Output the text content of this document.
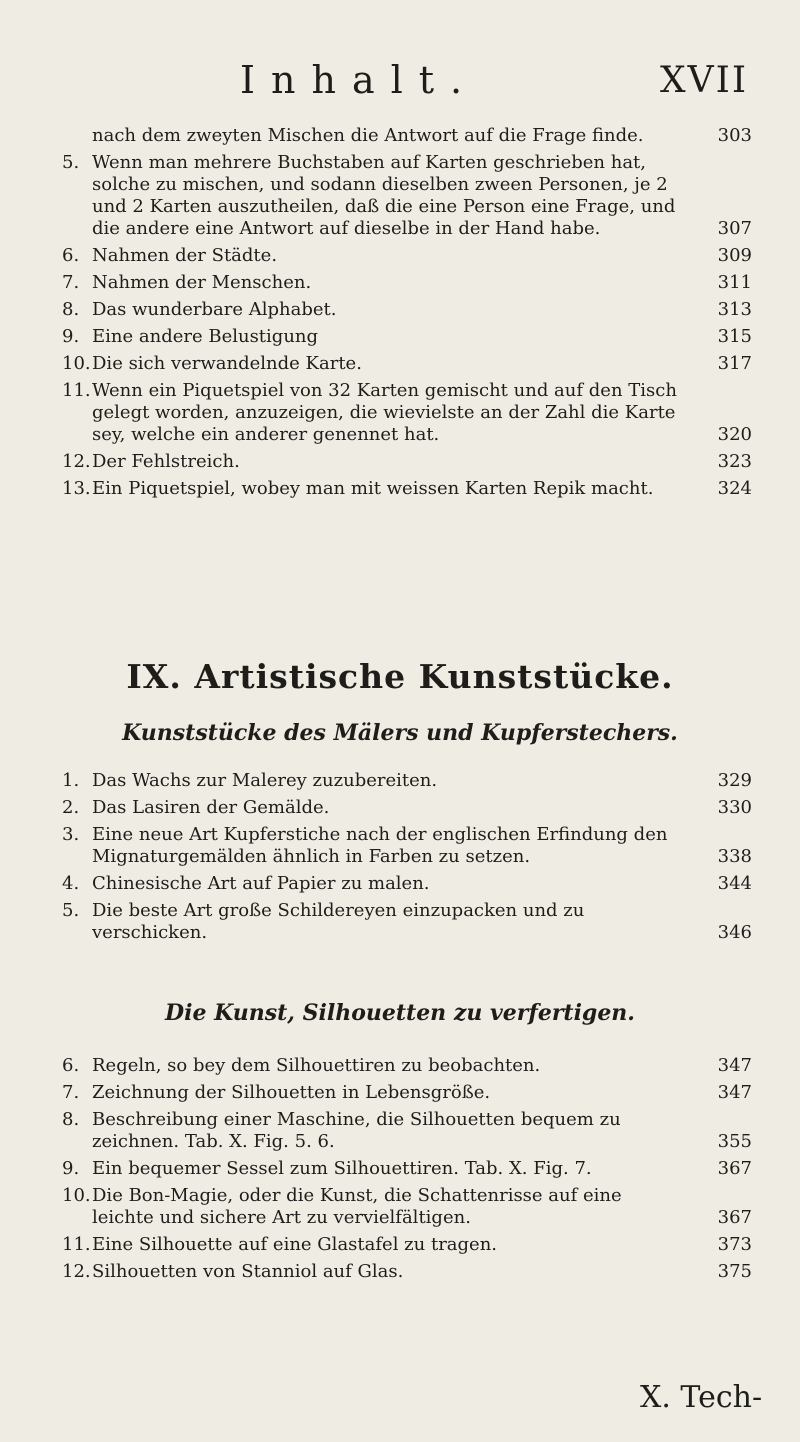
Inhalt.	XVII
nach dem zweyten Mischen die Antwort auf die Frage finde.	303
5. Wenn man mehrere Buchstaben auf Karten geschrieben hat, solche zu mischen, und sodann dieselben zween Personen, je 2 und 2 Karten auszutheilen, daß die eine Person eine Frage, und die andere eine Antwort auf dieselbe in der Hand habe.	307
6. Nahmen der Städte.	309
7. Nahmen der Menschen.	311
8. Das wunderbare Alphabet.	313
9. Eine andere Belustigung	315
10. Die sich verwandelnde Karte.	317
11. Wenn ein Piquetspiel von 32 Karten gemischt und auf den Tisch gelegt worden, anzuzeigen, die wievielste an der Zahl die Karte sey, welche ein anderer genennet hat.	320
12. Der Fehlstreich.	323
13. Ein Piquetspiel, wobey man mit weissen Karten Repik macht.	324
IX. Artistische Kunststücke.
Kunststücke des Mälers und Kupferstechers.
1. Das Wachs zur Malerey zuzubereiten.	329
2. Das Lasiren der Gemälde.	330
3. Eine neue Art Kupferstiche nach der englischen Erfindung den Mignaturgemälden ähnlich in Farben zu setzen.	338
4. Chinesische Art auf Papier zu malen.	344
5. Die beste Art große Schildereyen einzupacken und zu verschicken.	346
Die Kunst, Silhouetten zu verfertigen.
6. Regeln, so bey dem Silhouettiren zu beobachten.	347
7. Zeichnung der Silhouetten in Lebensgröße.	347
8. Beschreibung einer Maschine, die Silhouetten bequem zu zeichnen. Tab. X. Fig. 5. 6.	355
9. Ein bequemer Sessel zum Silhouettiren. Tab. X. Fig. 7.	367
10. Die Bon-Magie, oder die Kunst, die Schattenrisse auf eine leichte und sichere Art zu vervielfältigen.	367
11. Eine Silhouette auf eine Glastafel zu tragen.	373
12. Silhouetten von Stanniol auf Glas.	375
X. Tech-
